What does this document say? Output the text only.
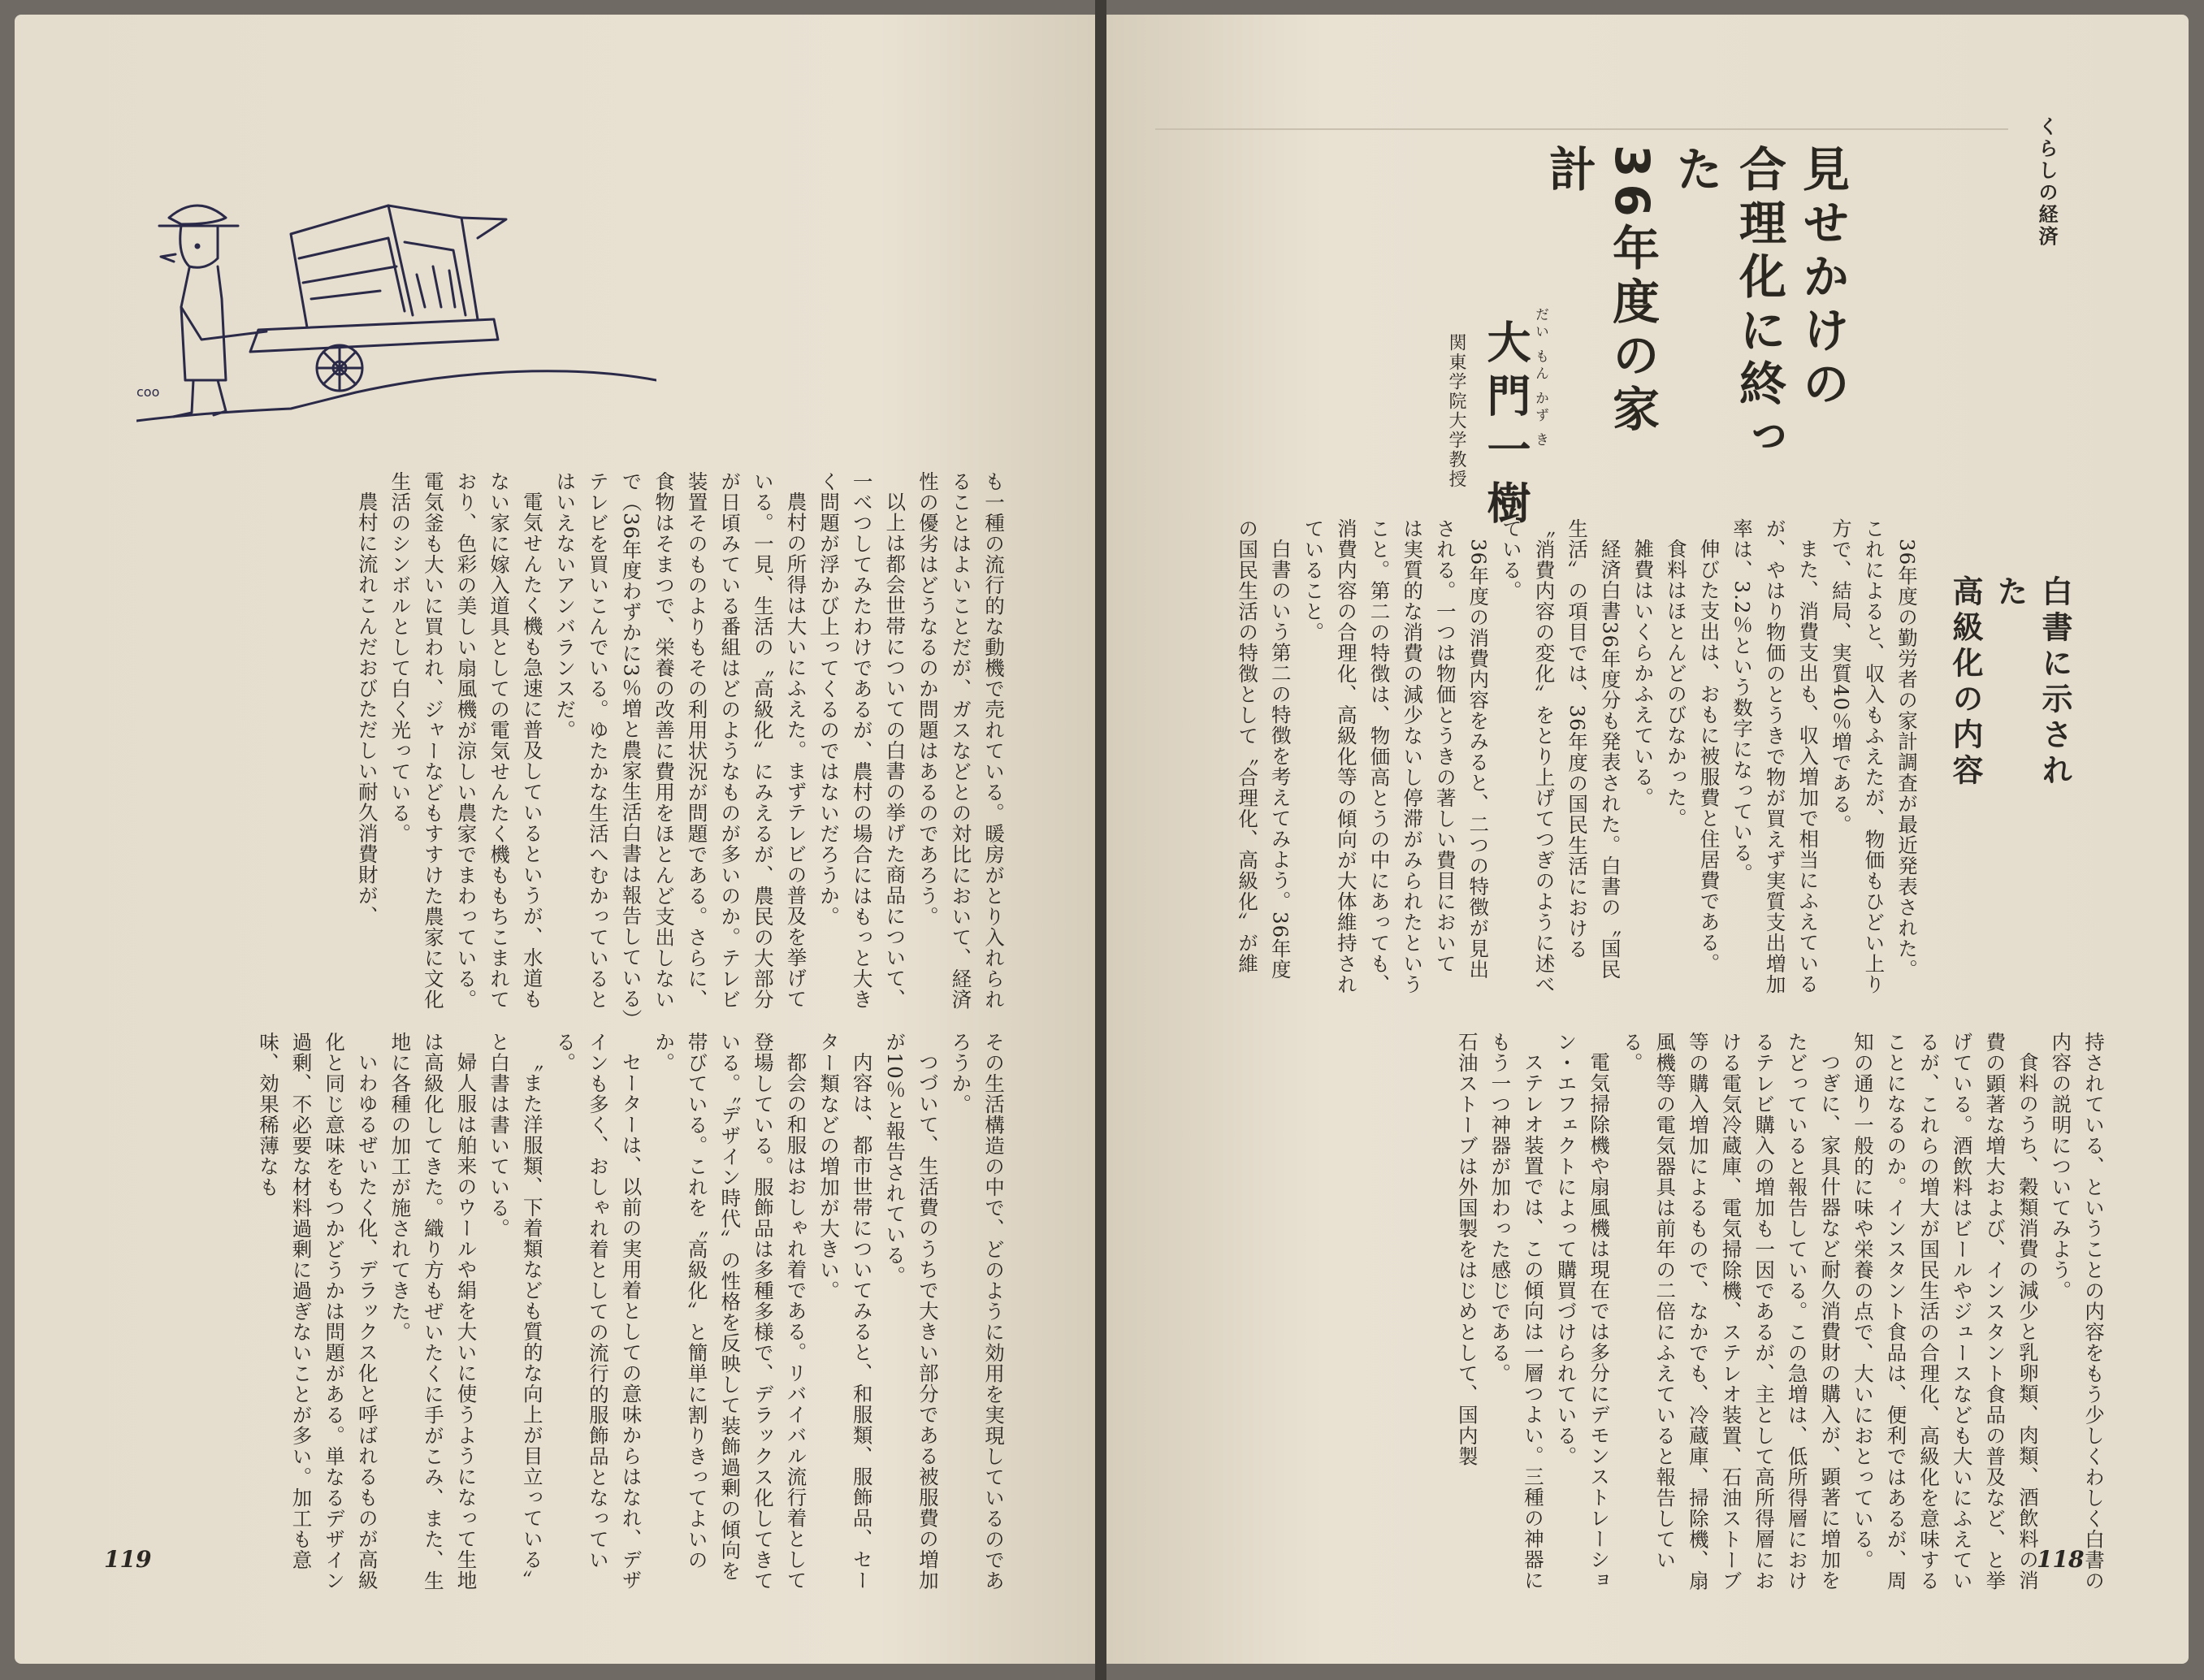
coo

も一種の流行的な動機で売れている。暖房がとり入れられることはよいことだが、ガスなどとの対比において、経済性の優劣はどうなるのか問題はあるのであろう。

以上は都会世帯についての白書の挙げた商品について、一べつしてみたわけであるが、農村の場合にはもっと大きく問題が浮かび上ってくるのではないだろうか。

農村の所得は大いにふえた。まずテレビの普及を挙げている。一見、生活の〝高級化〟にみえるが、農民の大部分が日頃みている番組はどのようなものが多いのか。テレビ装置そのものよりもその利用状況が問題である。さらに、食物はそまつで、栄養の改善に費用をほとんど支出しないで（36年度わずかに3％増と農家生活白書は報告している）テレビを買いこんでいる。ゆたかな生活へむかっているとはいえないアンバランスだ。

電気せんたく機も急速に普及しているというが、水道もない家に嫁入道具としての電気せんたく機ももちこまれており、色彩の美しい扇風機が涼しい農家でまわっている。電気釜も大いに買われ、ジャーなどもすすけた農家に文化生活のシンボルとして白く光っている。

農村に流れこんだおびただしい耐久消費財が、

その生活構造の中で、どのように効用を実現しているのであろうか。

つづいて、生活費のうちで大きい部分である被服費の増加が10％と報告されている。

内容は、都市世帯についてみると、和服類、服飾品、セーター類などの増加が大きい。

都会の和服はおしゃれ着である。リバイバル流行着として登場している。服飾品は多種多様で、デラックス化してきている。〝デザイン時代〟の性格を反映して装飾過剰の傾向を帯びている。これを〝高級化〟と簡単に割りきってよいのか。

セーターは、以前の実用着としての意味からはなれ、デザインも多く、おしゃれ着としての流行的服飾品となっている。

〝また洋服類、下着類なども質的な向上が目立っている〟と白書は書いている。

婦人服は舶来のウールや絹を大いに使うようになって生地は高級化してきた。織り方もぜいたくに手がこみ、また、生地に各種の加工が施されてきた。

いわゆるぜいたく化、デラックス化と呼ばれるものが高級化と同じ意味をもつかどうかは問題がある。単なるデザイン過剰、不必要な材料過剰に過ぎないことが多い。加工も意味、効果稀薄なも

119
くらしの経済
見せかけの
合理化に終った
36年度の家計
だい もん かず き
大門一樹
関東学院大学教授
白書に示された
高級化の内容

36年度の勤労者の家計調査が最近発表された。

これによると、収入もふえたが、物価もひどい上り方で、結局、実質40％増である。

また、消費支出も、収入増加で相当にふえているが、やはり物価のとうきで物が買えず実質支出増加率は、3.2％という数字になっている。

伸びた支出は、おもに被服費と住居費である。

食料はほとんどのびなかった。

雑費はいくらかふえている。

経済白書36年度分も発表された。白書の〝国民生活〟の項目では、36年度の国民生活における〝消費内容の変化〟をとり上げてつぎのように述べている。

36年度の消費内容をみると、二つの特徴が見出される。一つは物価とうきの著しい費目において は実質的な消費の減少ないし停滞がみられたということ。第二の特徴は、物価高とうの中にあっても、消費内容の合理化、高級化等の傾向が大体維持されていること。

白書のいう第二の特徴を考えてみよう。36年度の国民生活の特徴として〝合理化、高級化〟が維

持されている、ということの内容をもう少しくわしく白書の内容の説明についてみよう。

食料のうち、穀類消費の減少と乳卵類、肉類、酒飲料の消費の顕著な増大および、インスタント食品の普及など、と挙げている。酒飲料はビールやジュースなども大いにふえているが、これらの増大が国民生活の合理化、高級化を意味することになるのか。インスタント食品は、便利ではあるが、周知の通り一般的に味や栄養の点で、大いにおとっている。

つぎに、家具什器など耐久消費財の購入が、顕著に増加をたどっていると報告している。この急増は、低所得層におけるテレビ購入の増加も一因であるが、主として高所得層における電気冷蔵庫、電気掃除機、ステレオ装置、石油ストーブ等の購入増加によるもので、なかでも、冷蔵庫、掃除機、扇風機等の電気器具は前年の二倍にふえていると報告している。

電気掃除機や扇風機は現在では多分にデモンストレーション・エフェクトによって購買づけられている。

ステレオ装置では、この傾向は一層つよい。三種の神器にもう一つ神器が加わった感じである。

石油ストーブは外国製をはじめとして、国内製

118
